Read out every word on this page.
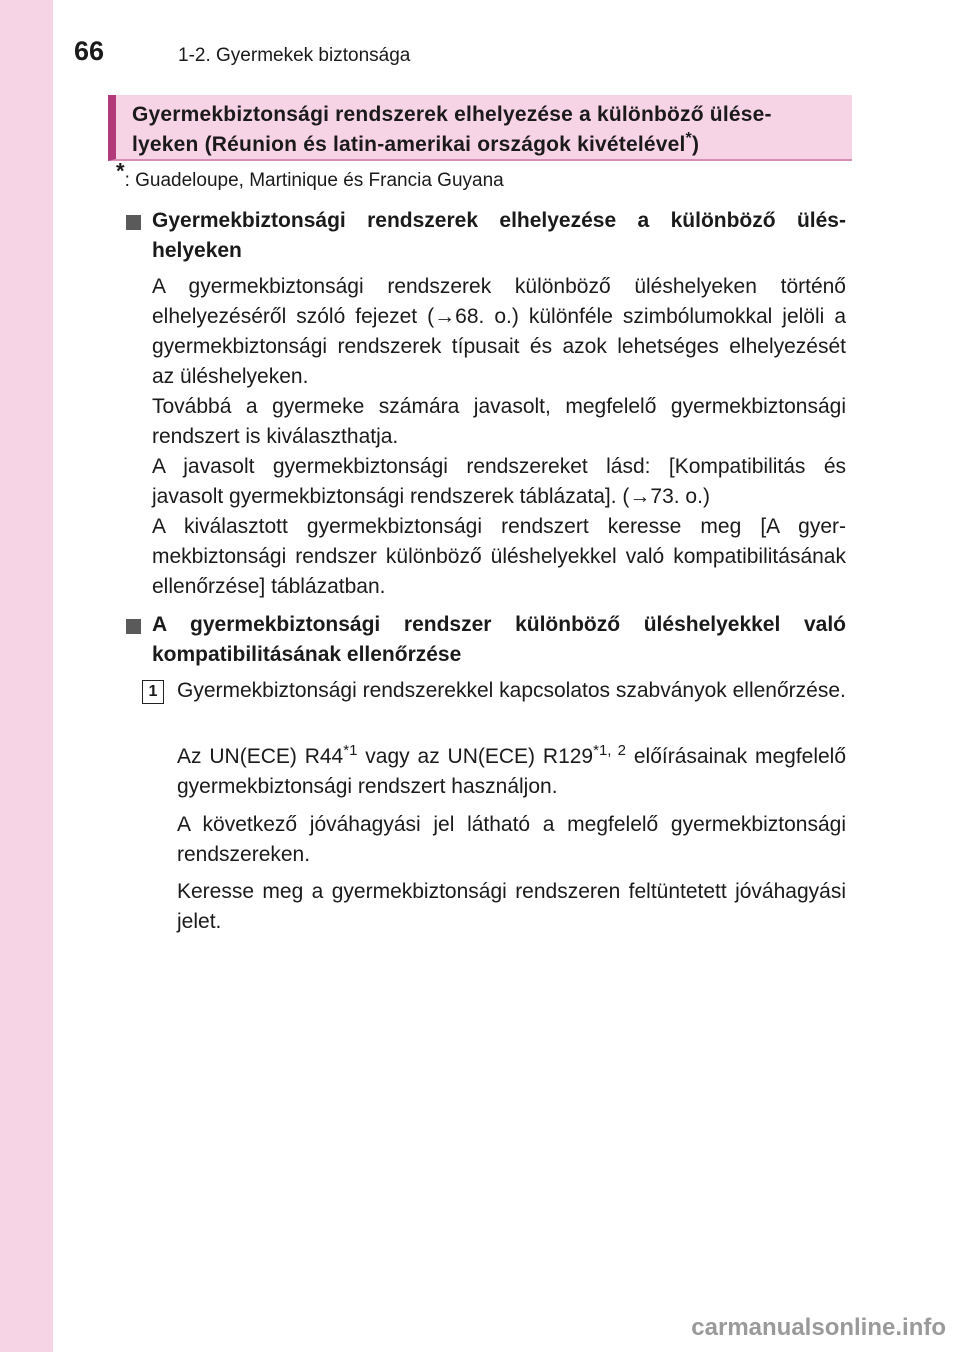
66	1-2. Gyermekek biztonsága
Gyermekbiztonsági rendszerek elhelyezése a különböző ülése-
lyeken (Réunion és latin-amerikai országok kivételével*)
*: Guadeloupe, Martinique és Francia Guyana
Gyermekbiztonsági rendszerek elhelyezése a különböző üléshelyeken
A gyermekbiztonsági rendszerek különböző üléshelyeken történő elhelyezéséről szóló fejezet (→68. o.) különféle szimbólumokkal jelöli a gyermekbiztonsági rendszerek típusait és azok lehetséges elhelyezését az üléshelyeken.
Továbbá a gyermeke számára javasolt, megfelelő gyermekbiztonsági rendszert is kiválaszthatja.
A javasolt gyermekbiztonsági rendszereket lásd: [Kompatibilitás és javasolt gyermekbiztonsági rendszerek táblázata]. (→73. o.)
A kiválasztott gyermekbiztonsági rendszert keresse meg [A gyermekbiztonsági rendszer különböző üléshelyekkel való kompatibilitásának ellenőrzése] táblázatban.
A gyermekbiztonsági rendszer különböző üléshelyekkel való kompatibilitásának ellenőrzése
1 Gyermekbiztonsági rendszerekkel kapcsolatos szabványok ellenőrzése.
Az UN(ECE) R44$^{*1}$ vagy az UN(ECE) R129$^{*1, 2}$ előírásainak megfelelő gyermekbiztonsági rendszert használjon.
A következő jóváhagyási jel látható a megfelelő gyermekbiztonsági rendszereken.
Keresse meg a gyermekbiztonsági rendszeren feltüntetett jóváhagyási jelet.
carmanualsonline.info
